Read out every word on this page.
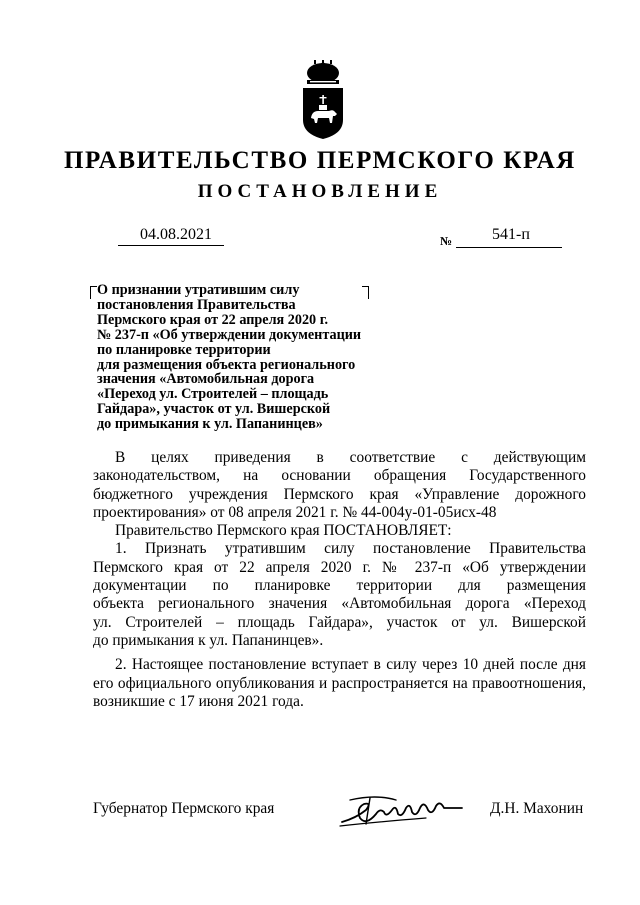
ПРАВИТЕЛЬСТВО ПЕРМСКОГО КРАЯ
ПОСТАНОВЛЕНИЕ
04.08.2021	№ 541-п
О признании утратившим силу
постановления Правительства
Пермского края от 22 апреля 2020 г.
№ 237-п «Об утверждении документации
по планировке территории
для размещения объекта регионального
значения «Автомобильная дорога
«Переход ул. Строителей – площадь
Гайдара», участок от ул. Вишерской
до примыкания к ул. Папанинцев»
В целях приведения в соответствие с действующим
законодательством, на основании обращения Государственного
бюджетного учреждения Пермского края «Управление дорожного
проектирования» от 08 апреля 2021 г. № 44-004у-01-05исх-48
Правительство Пермского края ПОСТАНОВЛЯЕТ:
1. Признать утратившим силу постановление Правительства
Пермского края от 22 апреля 2020 г. № 237-п «Об утверждении
документации по планировке территории для размещения
объекта регионального значения «Автомобильная дорога «Переход
ул. Строителей – площадь Гайдара», участок от ул. Вишерской
до примыкания к ул. Папанинцев».
2. Настоящее постановление вступает в силу через 10 дней после дня
его официального опубликования и распространяется на правоотношения,
возникшие с 17 июня 2021 года.
Губернатор Пермского края	Д.Н. Махонин
